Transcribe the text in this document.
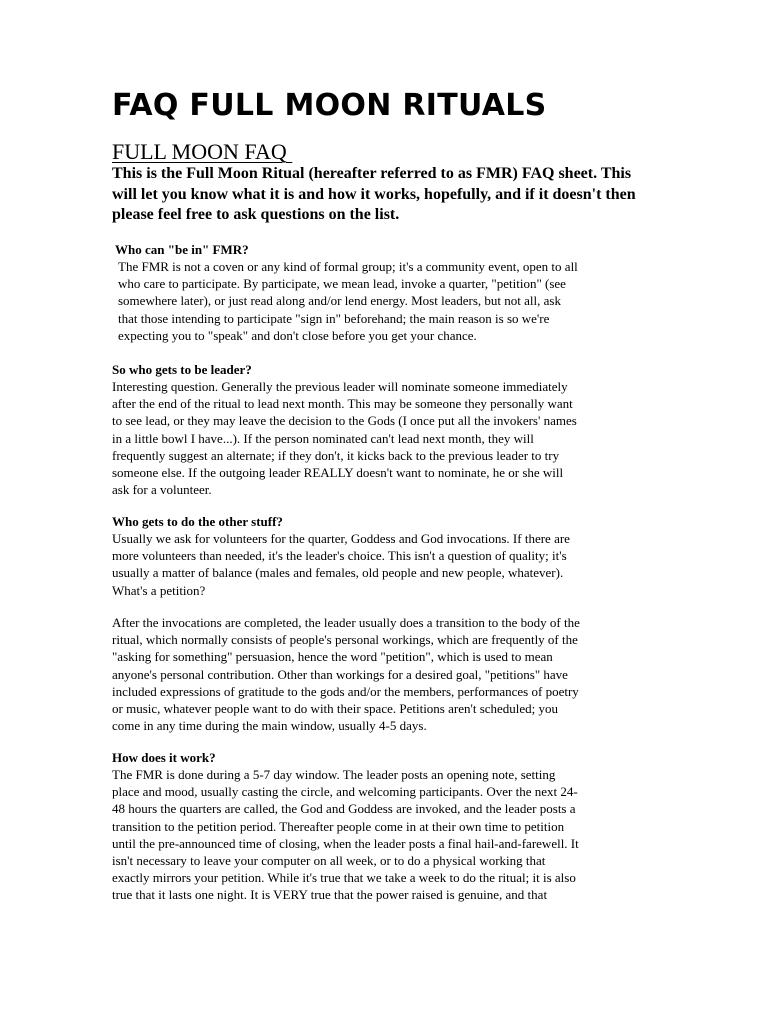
FAQ FULL MOON RITUALS
FULL MOON FAQ

This is the Full Moon Ritual (hereafter referred to as FMR) FAQ sheet. This
will let you know what it is and how it works, hopefully, and if it doesn't then
please feel free to ask questions on the list.

Who can "be in" FMR?

The FMR is not a coven or any kind of formal group; it's a community event, open to all
who care to participate. By participate, we mean lead, invoke a quarter, "petition" (see
somewhere later), or just read along and/or lend energy. Most leaders, but not all, ask
that those intending to participate "sign in" beforehand; the main reason is so we're
expecting you to "speak" and don't close before you get your chance.

So who gets to be leader?

Interesting question. Generally the previous leader will nominate someone immediately
after the end of the ritual to lead next month. This may be someone they personally want
to see lead, or they may leave the decision to the Gods (I once put all the invokers' names
in a little bowl I have...). If the person nominated can't lead next month, they will
frequently suggest an alternate; if they don't, it kicks back to the previous leader to try
someone else. If the outgoing leader REALLY doesn't want to nominate, he or she will
ask for a volunteer.

Who gets to do the other stuff?

Usually we ask for volunteers for the quarter, Goddess and God invocations. If there are
more volunteers than needed, it's the leader's choice. This isn't a question of quality; it's
usually a matter of balance (males and females, old people and new people, whatever).
What's a petition?

After the invocations are completed, the leader usually does a transition to the body of the
ritual, which normally consists of people's personal workings, which are frequently of the
"asking for something" persuasion, hence the word "petition", which is used to mean
anyone's personal contribution. Other than workings for a desired goal, "petitions" have
included expressions of gratitude to the gods and/or the members, performances of poetry
or music, whatever people want to do with their space. Petitions aren't scheduled; you
come in any time during the main window, usually 4-5 days.

How does it work?

The FMR is done during a 5-7 day window. The leader posts an opening note, setting
place and mood, usually casting the circle, and welcoming participants. Over the next 24-
48 hours the quarters are called, the God and Goddess are invoked, and the leader posts a
transition to the petition period. Thereafter people come in at their own time to petition
until the pre-announced time of closing, when the leader posts a final hail-and-farewell. It
isn't necessary to leave your computer on all week, or to do a physical working that
exactly mirrors your petition. While it's true that we take a week to do the ritual; it is also
true that it lasts one night. It is VERY true that the power raised is genuine, and that
